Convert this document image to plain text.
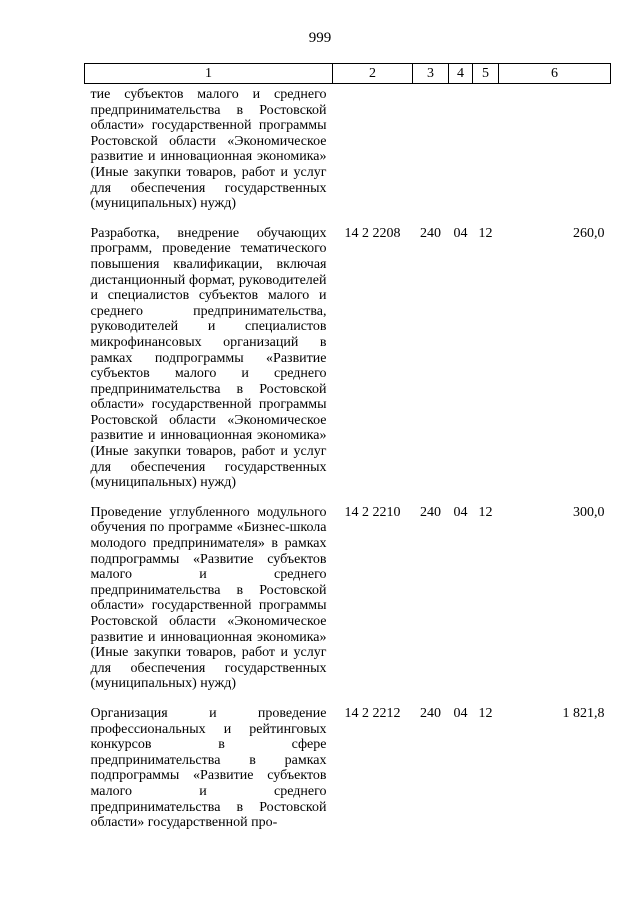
999
1	2	3	4	5	6
тие субъектов малого и среднего предпринимательства в Ростовской области» государственной программы Ростовской области «Экономическое развитие и инновационная экономика» (Иные закупки товаров, работ и услуг для обеспечения государственных (муниципальных) нужд)					
Разработка, внедрение обучающих программ, проведение тематического повышения квалификации, включая дистанционный формат, руководителей и специалистов субъектов малого и среднего предпринимательства, руководителей и специалистов микрофинансовых организаций в рамках подпрограммы «Развитие субъектов малого и среднего предпринимательства в Ростовской области» государственной программы Ростовской области «Экономическое развитие и инновационная экономика» (Иные закупки товаров, работ и услуг для обеспечения государственных (муниципальных) нужд)	14 2 2208	240	04	12	260,0
Проведение углубленного модульного обучения по программе «Бизнес-школа молодого предпринимателя» в рамках подпрограммы «Развитие субъектов малого и среднего предпринимательства в Ростовской области» государственной программы Ростовской области «Экономическое развитие и инновационная экономика» (Иные закупки товаров, работ и услуг для обеспечения государственных (муниципальных) нужд)	14 2 2210	240	04	12	300,0
Организация и проведение профессиональных и рейтинговых конкурсов в сфере предпринимательства в рамках подпрограммы «Развитие субъектов малого и среднего предпринимательства в Ростовской области» государственной про-	14 2 2212	240	04	12	1 821,8
